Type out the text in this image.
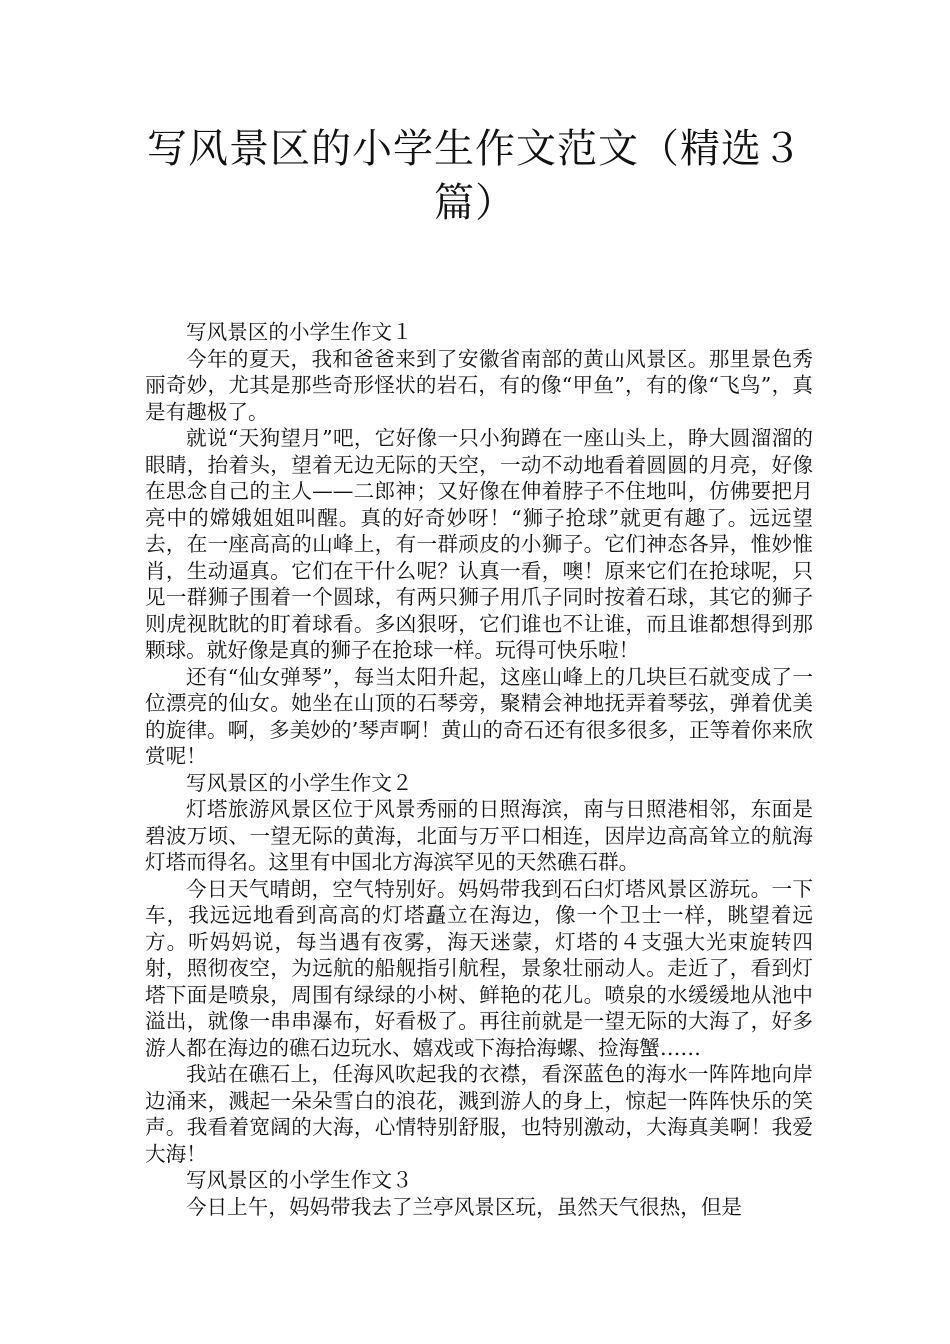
写风景区的小学生作文范文（精选３篇）

写风景区的小学生作文１

今年的夏天，我和爸爸来到了安徽省南部的黄山风景区。那里景色秀丽奇妙，尤其是那些奇形怪状的岩石，有的像“甲鱼”，有的像“飞鸟”，真是有趣极了。

就说“天狗望月”吧，它好像一只小狗蹲在一座山头上，睁大圆溜溜的眼睛，抬着头，望着无边无际的天空，一动不动地看着圆圆的月亮，好像在思念自己的主人——二郎神；又好像在伸着脖子不住地叫，仿佛要把月亮中的嫦娥姐姐叫醒。真的好奇妙呀！“狮子抢球”就更有趣了。远远望去，在一座高高的山峰上，有一群顽皮的小狮子。它们神态各异，惟妙惟肖，生动逼真。它们在干什么呢？认真一看，噢！原来它们在抢球呢，只见一群狮子围着一个圆球，有两只狮子用爪子同时按着石球，其它的狮子则虎视眈眈的盯着球看。多凶狠呀，它们谁也不让谁，而且谁都想得到那颗球。就好像是真的狮子在抢球一样。玩得可快乐啦！

还有“仙女弹琴”，每当太阳升起，这座山峰上的几块巨石就变成了一位漂亮的仙女。她坐在山顶的石琴旁，聚精会神地抚弄着琴弦，弹着优美的旋律。啊，多美妙的’琴声啊！黄山的奇石还有很多很多，正等着你来欣赏呢！

写风景区的小学生作文２

灯塔旅游风景区位于风景秀丽的日照海滨，南与日照港相邻，东面是碧波万顷、一望无际的黄海，北面与万平口相连，因岸边高高耸立的航海灯塔而得名。这里有中国北方海滨罕见的天然礁石群。

今日天气晴朗，空气特别好。妈妈带我到石臼灯塔风景区游玩。一下车，我远远地看到高高的灯塔矗立在海边，像一个卫士一样，眺望着远方。听妈妈说，每当遇有夜雾，海天迷蒙，灯塔的４支强大光束旋转四射，照彻夜空，为远航的船舰指引航程，景象壮丽动人。走近了，看到灯塔下面是喷泉，周围有绿绿的小树、鲜艳的花儿。喷泉的水缓缓地从池中溢出，就像一串串瀑布，好看极了。再往前就是一望无际的大海了，好多游人都在海边的礁石边玩水、嬉戏或下海拾海螺、捡海蟹……

我站在礁石上，任海风吹起我的衣襟，看深蓝色的海水一阵阵地向岸边涌来，溅起一朵朵雪白的浪花，溅到游人的身上，惊起一阵阵快乐的笑声。我看着宽阔的大海，心情特别舒服，也特别激动，大海真美啊！我爱大海！

写风景区的小学生作文３

今日上午，妈妈带我去了兰亭风景区玩，虽然天气很热，但是
